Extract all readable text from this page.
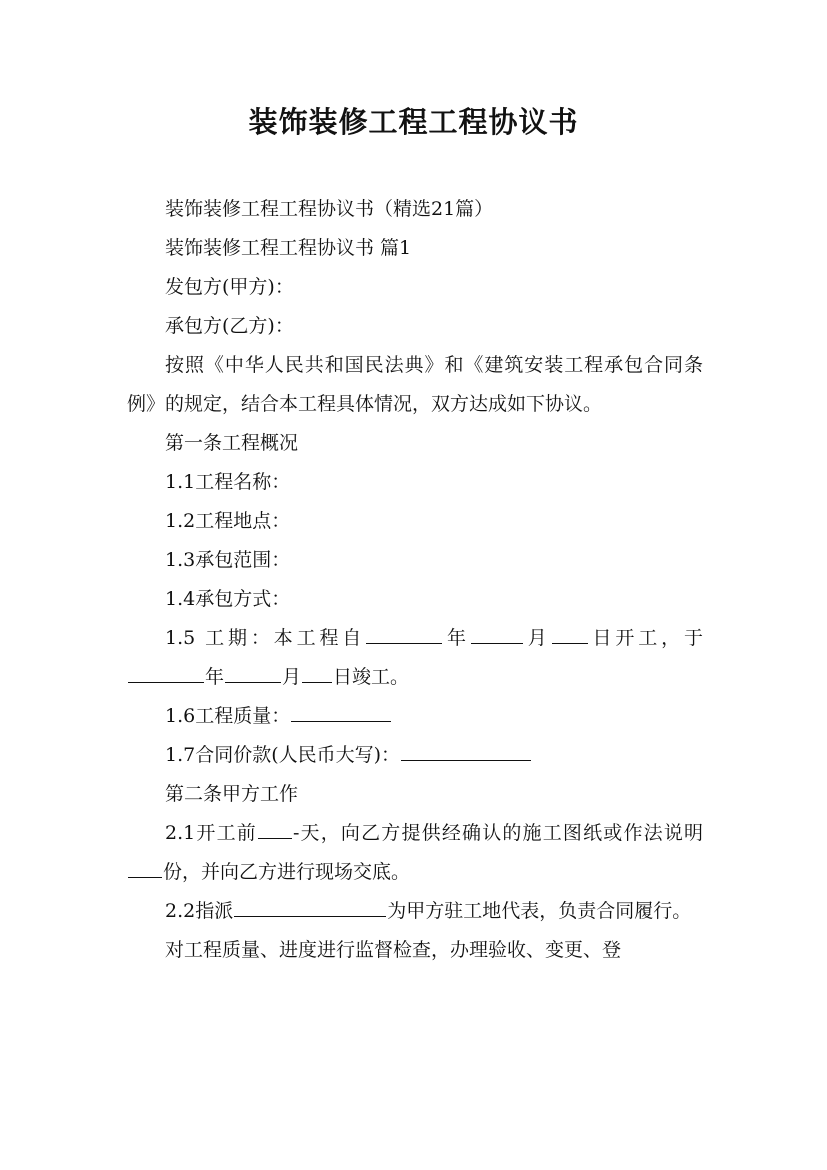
装饰装修工程工程协议书

装饰装修工程工程协议书（精选21篇）

装饰装修工程工程协议书 篇1

发包方(甲方)：

承包方(乙方)：

按照《中华人民共和国民法典》和《建筑安装工程承包合同条例》的规定，结合本工程具体情况，双方达成如下协议。

第一条工程概况

1.1工程名称：

1.2工程地点：

1.3承包范围：

1.4承包方式：

1.5 工期：本工程自	年	月 日开工，于年	月 日竣工。

1.6工程质量：

1.7合同价款(人民币大写)：

第二条甲方工作

2.1开工前 -天，向乙方提供经确认的施工图纸或作法说明份，并向乙方进行现场交底。

2.2指派	为甲方驻工地代表，负责合同履行。

对工程质量、进度进行监督检查，办理验收、变更、登
